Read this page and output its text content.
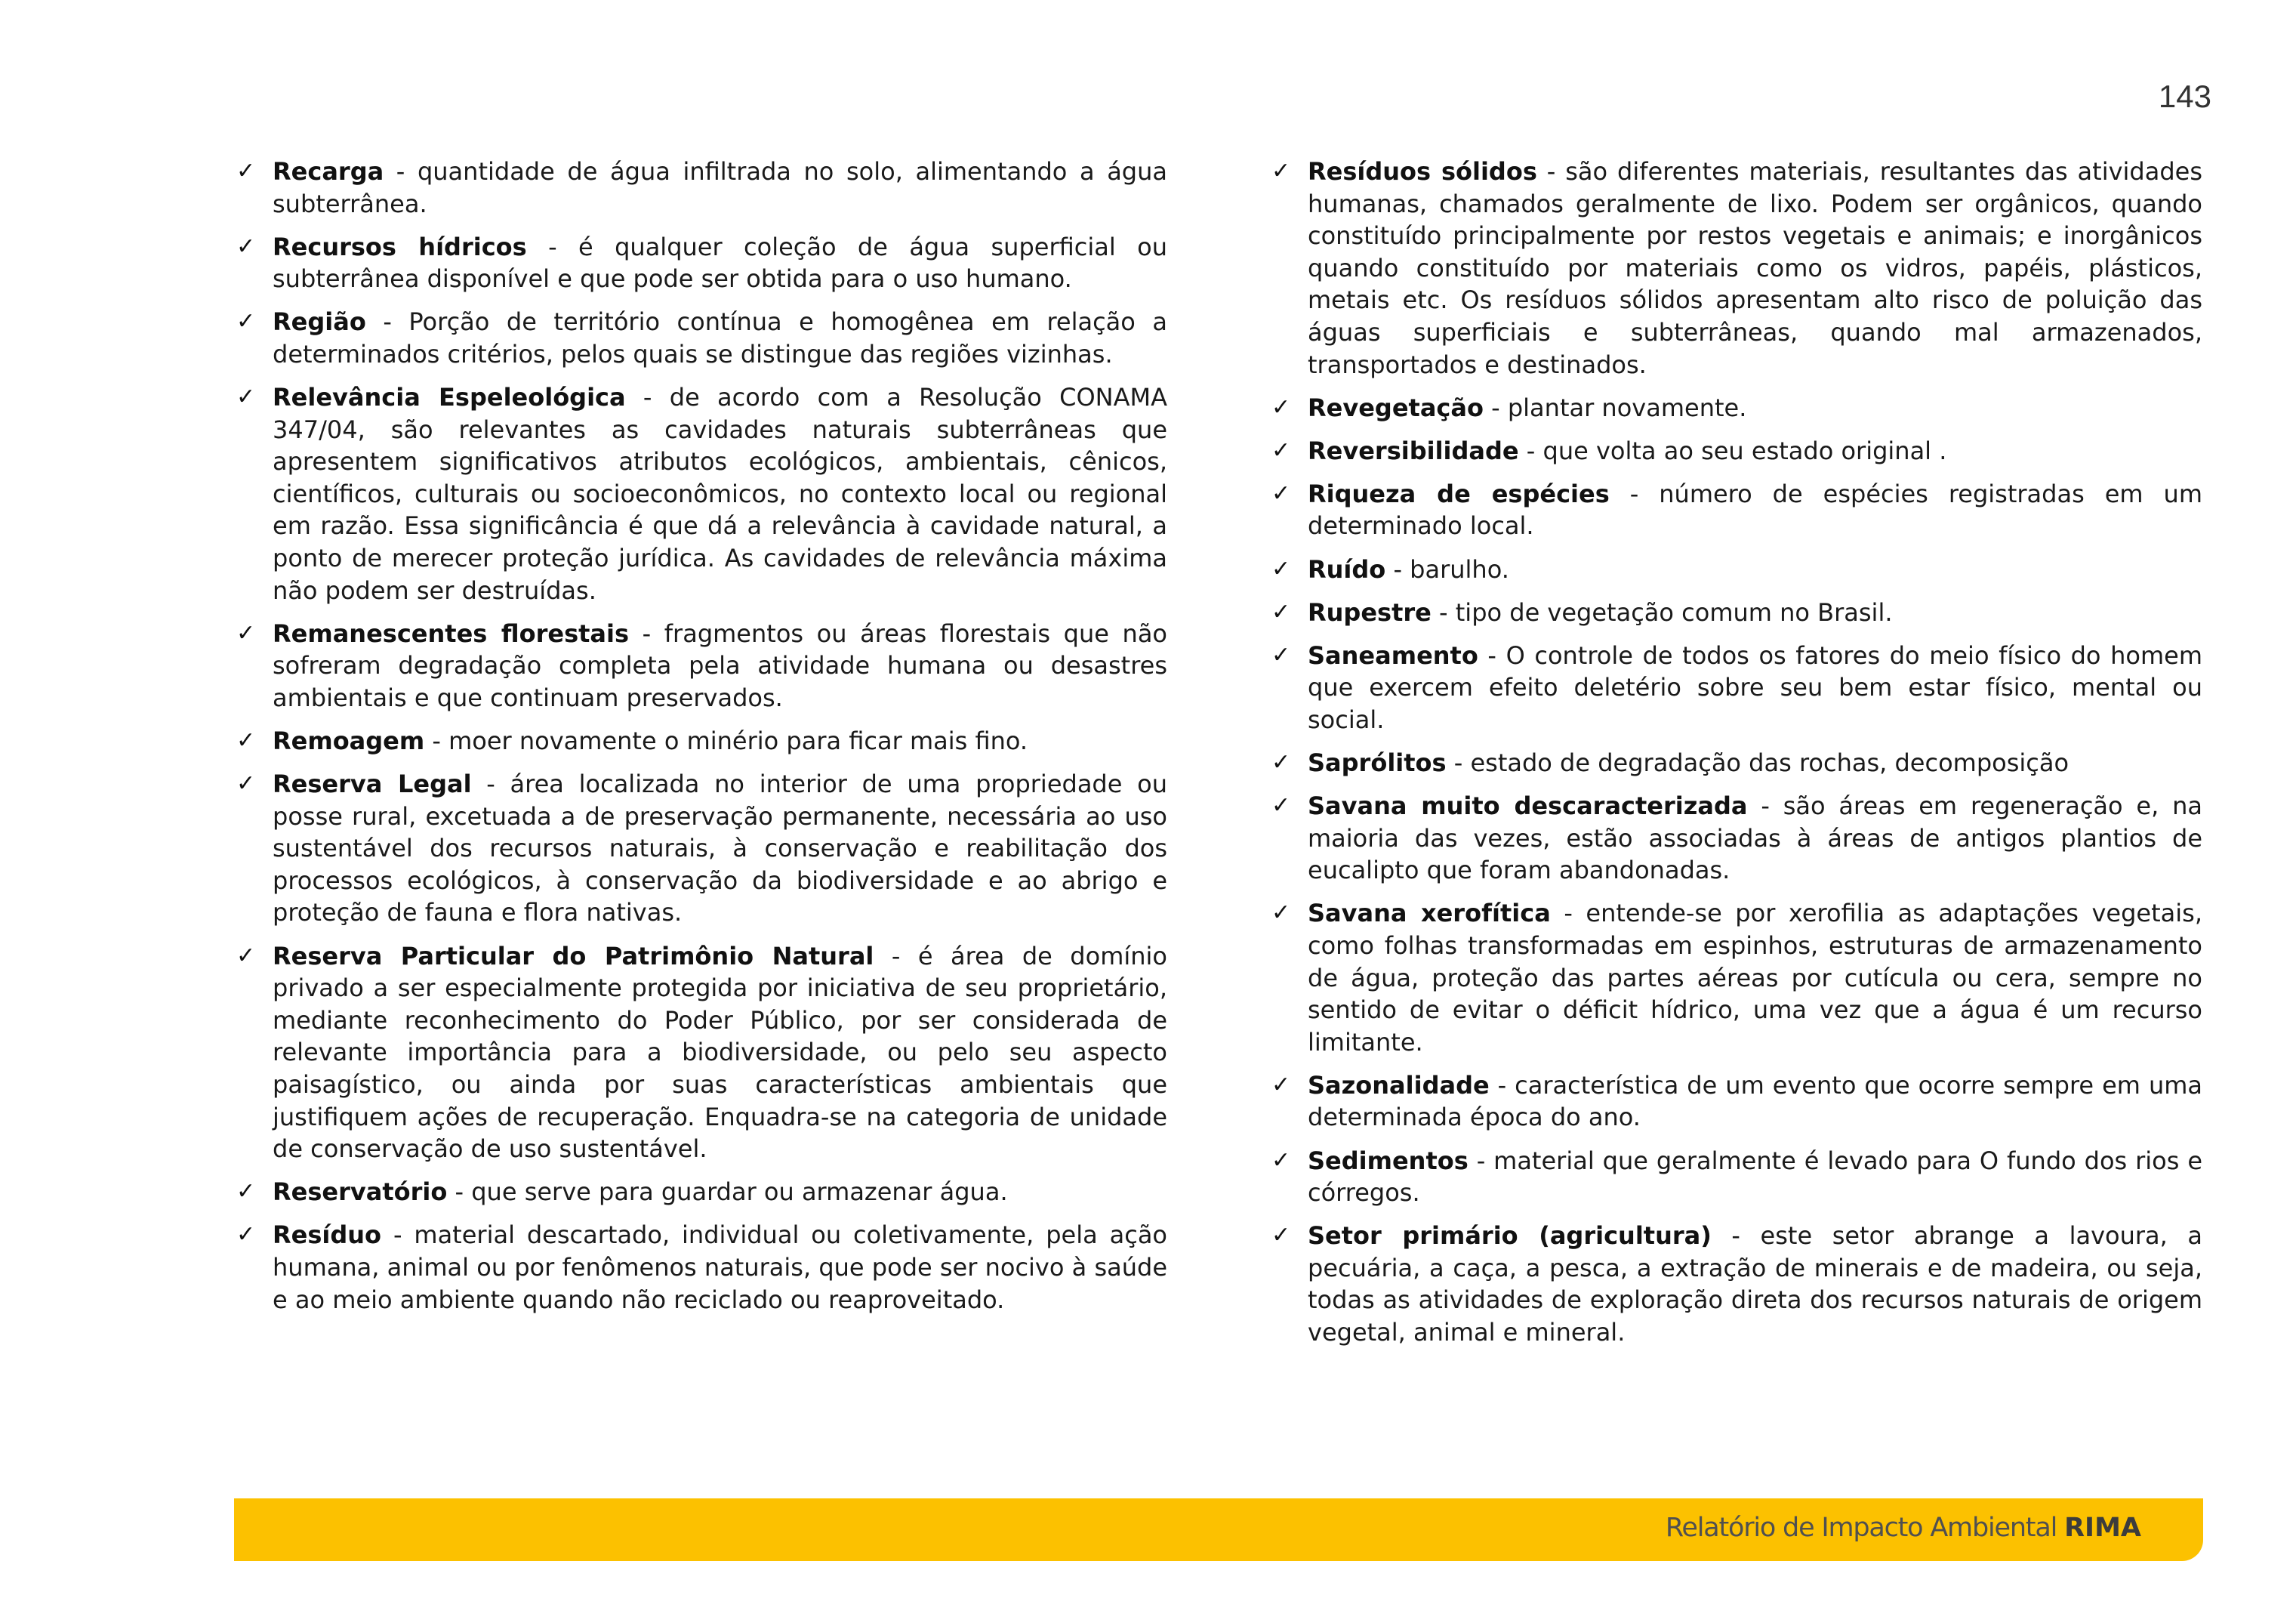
143

✓ Recarga - quantidade de água infiltrada no solo, alimentando a água subterrânea.

✓ Recursos hídricos - é qualquer coleção de água superficial ou subterrânea disponível e que pode ser obtida para o uso humano.

✓ Região - Porção de território contínua e homogênea em relação a determinados critérios, pelos quais se distingue das regiões vizinhas.

✓ Relevância Espeleológica - de acordo com a Resolução CONAMA 347/04, são relevantes as cavidades naturais subterrâneas que apresentem significativos atributos ecológicos, ambientais, cênicos, científicos, culturais ou socioeconômicos, no contexto local ou regional em razão. Essa significância é que dá a relevância à cavidade natural, a ponto de merecer proteção jurídica. As cavidades de relevância máxima não podem ser destruídas.

✓ Remanescentes florestais - fragmentos ou áreas florestais que não sofreram degradação completa pela atividade humana ou desastres ambientais e que continuam preservados.

✓ Remoagem - moer novamente o minério para ficar mais fino.

✓ Reserva Legal - área localizada no interior de uma propriedade ou posse rural, excetuada a de preservação permanente, necessária ao uso sustentável dos recursos naturais, à conservação e reabilitação dos processos ecológicos, à conservação da biodiversidade e ao abrigo e proteção de fauna e flora nativas.

✓ Reserva Particular do Patrimônio Natural - é área de domínio privado a ser especialmente protegida por iniciativa de seu proprietário, mediante reconhecimento do Poder Público, por ser considerada de relevante importância para a biodiversidade, ou pelo seu aspecto paisagístico, ou ainda por suas características ambientais que justifiquem ações de recuperação. Enquadra-se na categoria de unidade de conservação de uso sustentável.

✓ Reservatório - que serve para guardar ou armazenar água.

✓ Resíduo - material descartado, individual ou coletivamente, pela ação humana, animal ou por fenômenos naturais, que pode ser nocivo à saúde e ao meio ambiente quando não reciclado ou reaproveitado.

✓ Resíduos sólidos - são diferentes materiais, resultantes das atividades humanas, chamados geralmente de lixo. Podem ser orgânicos, quando constituído principalmente por restos vegetais e animais; e inorgânicos quando constituído por materiais como os vidros, papéis, plásticos, metais etc. Os resíduos sólidos apresentam alto risco de poluição das águas superficiais e subterrâneas, quando mal armazenados, transportados e destinados.

✓ Revegetação - plantar novamente.

✓ Reversibilidade - que volta ao seu estado original .

✓ Riqueza de espécies - número de espécies registradas em um determinado local.

✓ Ruído - barulho.

✓ Rupestre - tipo de vegetação comum no Brasil.

✓ Saneamento - O controle de todos os fatores do meio físico do homem que exercem efeito deletério sobre seu bem estar físico, mental ou social.

✓ Saprólitos - estado de degradação das rochas, decomposição

✓ Savana muito descaracterizada - são áreas em regeneração e, na maioria das vezes, estão associadas à áreas de antigos plantios de eucalipto que foram abandonadas.

✓ Savana xerofítica - entende-se por xerofilia as adaptações vegetais, como folhas transformadas em espinhos, estruturas de armazenamento de água, proteção das partes aéreas por cutícula ou cera, sempre no sentido de evitar o déficit hídrico, uma vez que a água é um recurso limitante.

✓ Sazonalidade - característica de um evento que ocorre sempre em uma determinada época do ano.

✓ Sedimentos - material que geralmente é levado para O fundo dos rios e córregos.

✓ Setor primário (agricultura) - este setor abrange a lavoura, a pecuária, a caça, a pesca, a extração de minerais e de madeira, ou seja, todas as atividades de exploração direta dos recursos naturais de origem vegetal, animal e mineral.

Relatório de Impacto Ambiental RIMA
